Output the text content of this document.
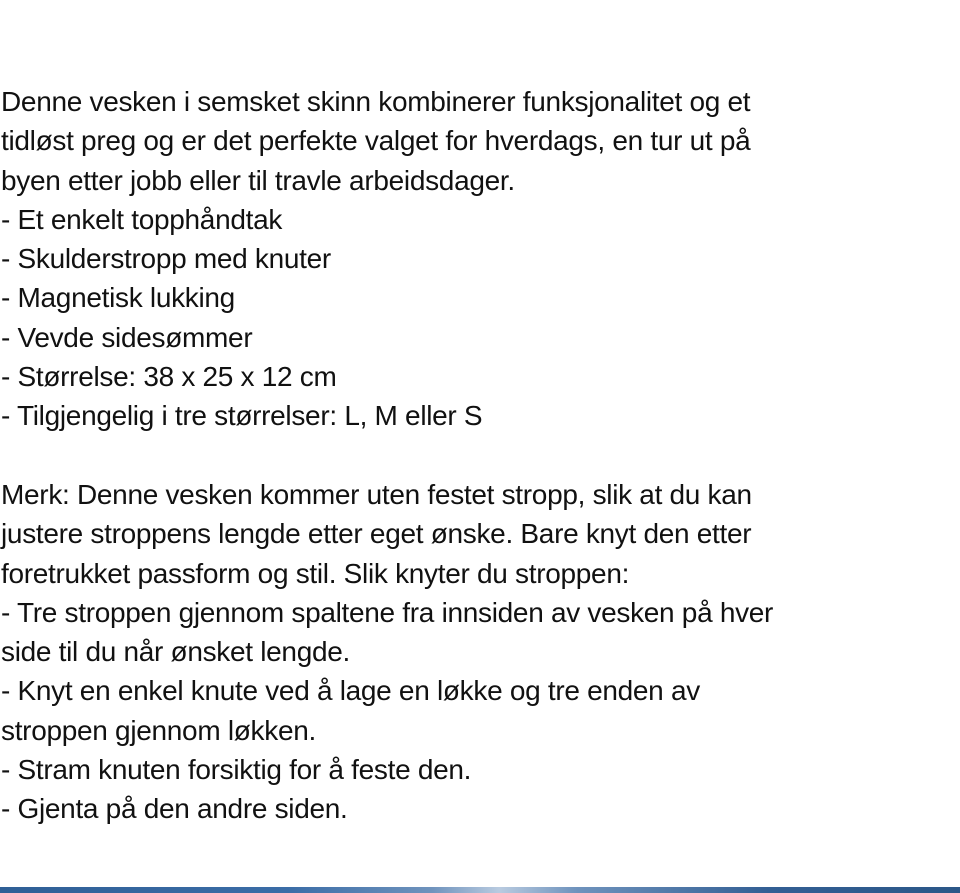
Denne vesken i semsket skinn kombinerer funksjonalitet og et
tidløst preg og er det perfekte valget for hverdags, en tur ut på
byen etter jobb eller til travle arbeidsdager.
- Et enkelt topphåndtak
- Skulderstropp med knuter
- Magnetisk lukking
- Vevde sidesømmer
- Størrelse: 38 x 25 x 12 cm
- Tilgjengelig i tre størrelser: L, M eller S
Merk: Denne vesken kommer uten festet stropp, slik at du kan
justere stroppens lengde etter eget ønske. Bare knyt den etter
foretrukket passform og stil. Slik knyter du stroppen:
- Tre stroppen gjennom spaltene fra innsiden av vesken på hver
side til du når ønsket lengde.
- Knyt en enkel knute ved å lage en løkke og tre enden av
stroppen gjennom løkken.
- Stram knuten forsiktig for å feste den.
- Gjenta på den andre siden.
